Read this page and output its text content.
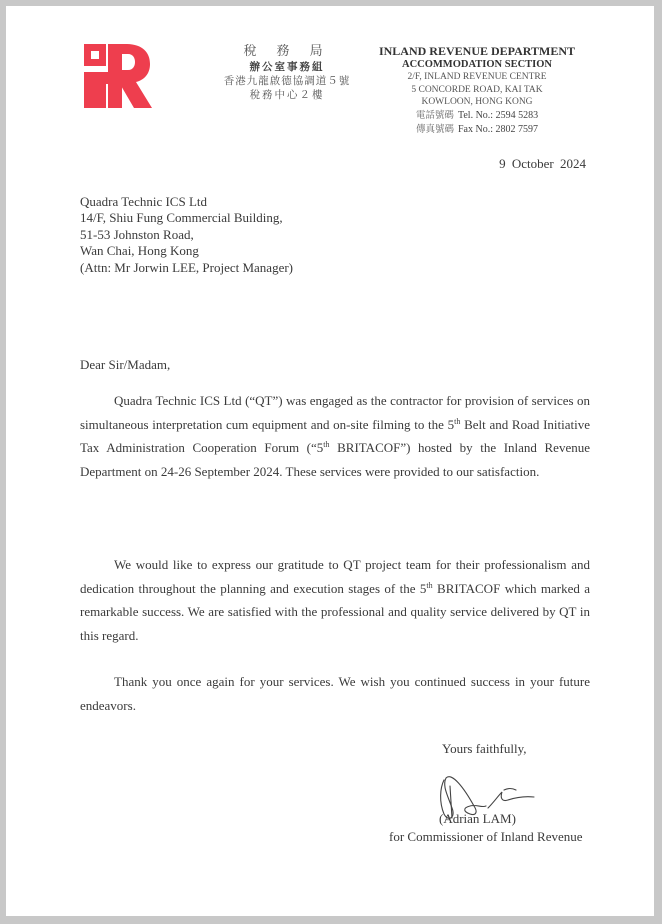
稅 務 局
辦公室事務組
香港九龍啟德協調道５號
稅務中心２樓
INLAND REVENUE DEPARTMENT
ACCOMMODATION SECTION
2/F, INLAND REVENUE CENTRE
5 CONCORDE ROAD, KAI TAK
KOWLOON, HONG KONG
電話號碼 Tel. No.: 2594 5283
傳真號碼 Fax No.: 2802 7597
9 October 2024
Quadra Technic ICS Ltd
14/F, Shiu Fung Commercial Building,
51-53 Johnston Road,
Wan Chai, Hong Kong
(Attn: Mr Jorwin LEE, Project Manager)
Dear Sir/Madam,
Quadra Technic ICS Ltd (“QT”) was engaged as the contractor for provision of services on simultaneous interpretation cum equipment and on-site filming to the 5th Belt and Road Initiative Tax Administration Cooperation Forum (“5th BRITACOF”) hosted by the Inland Revenue Department on 24-26 September 2024. These services were provided to our satisfaction.
We would like to express our gratitude to QT project team for their professionalism and dedication throughout the planning and execution stages of the 5th BRITACOF which marked a remarkable success. We are satisfied with the professional and quality service delivered by QT in this regard.
Thank you once again for your services. We wish you continued success in your future endeavors.
Yours faithfully,
(Adrian LAM)
for Commissioner of Inland Revenue
